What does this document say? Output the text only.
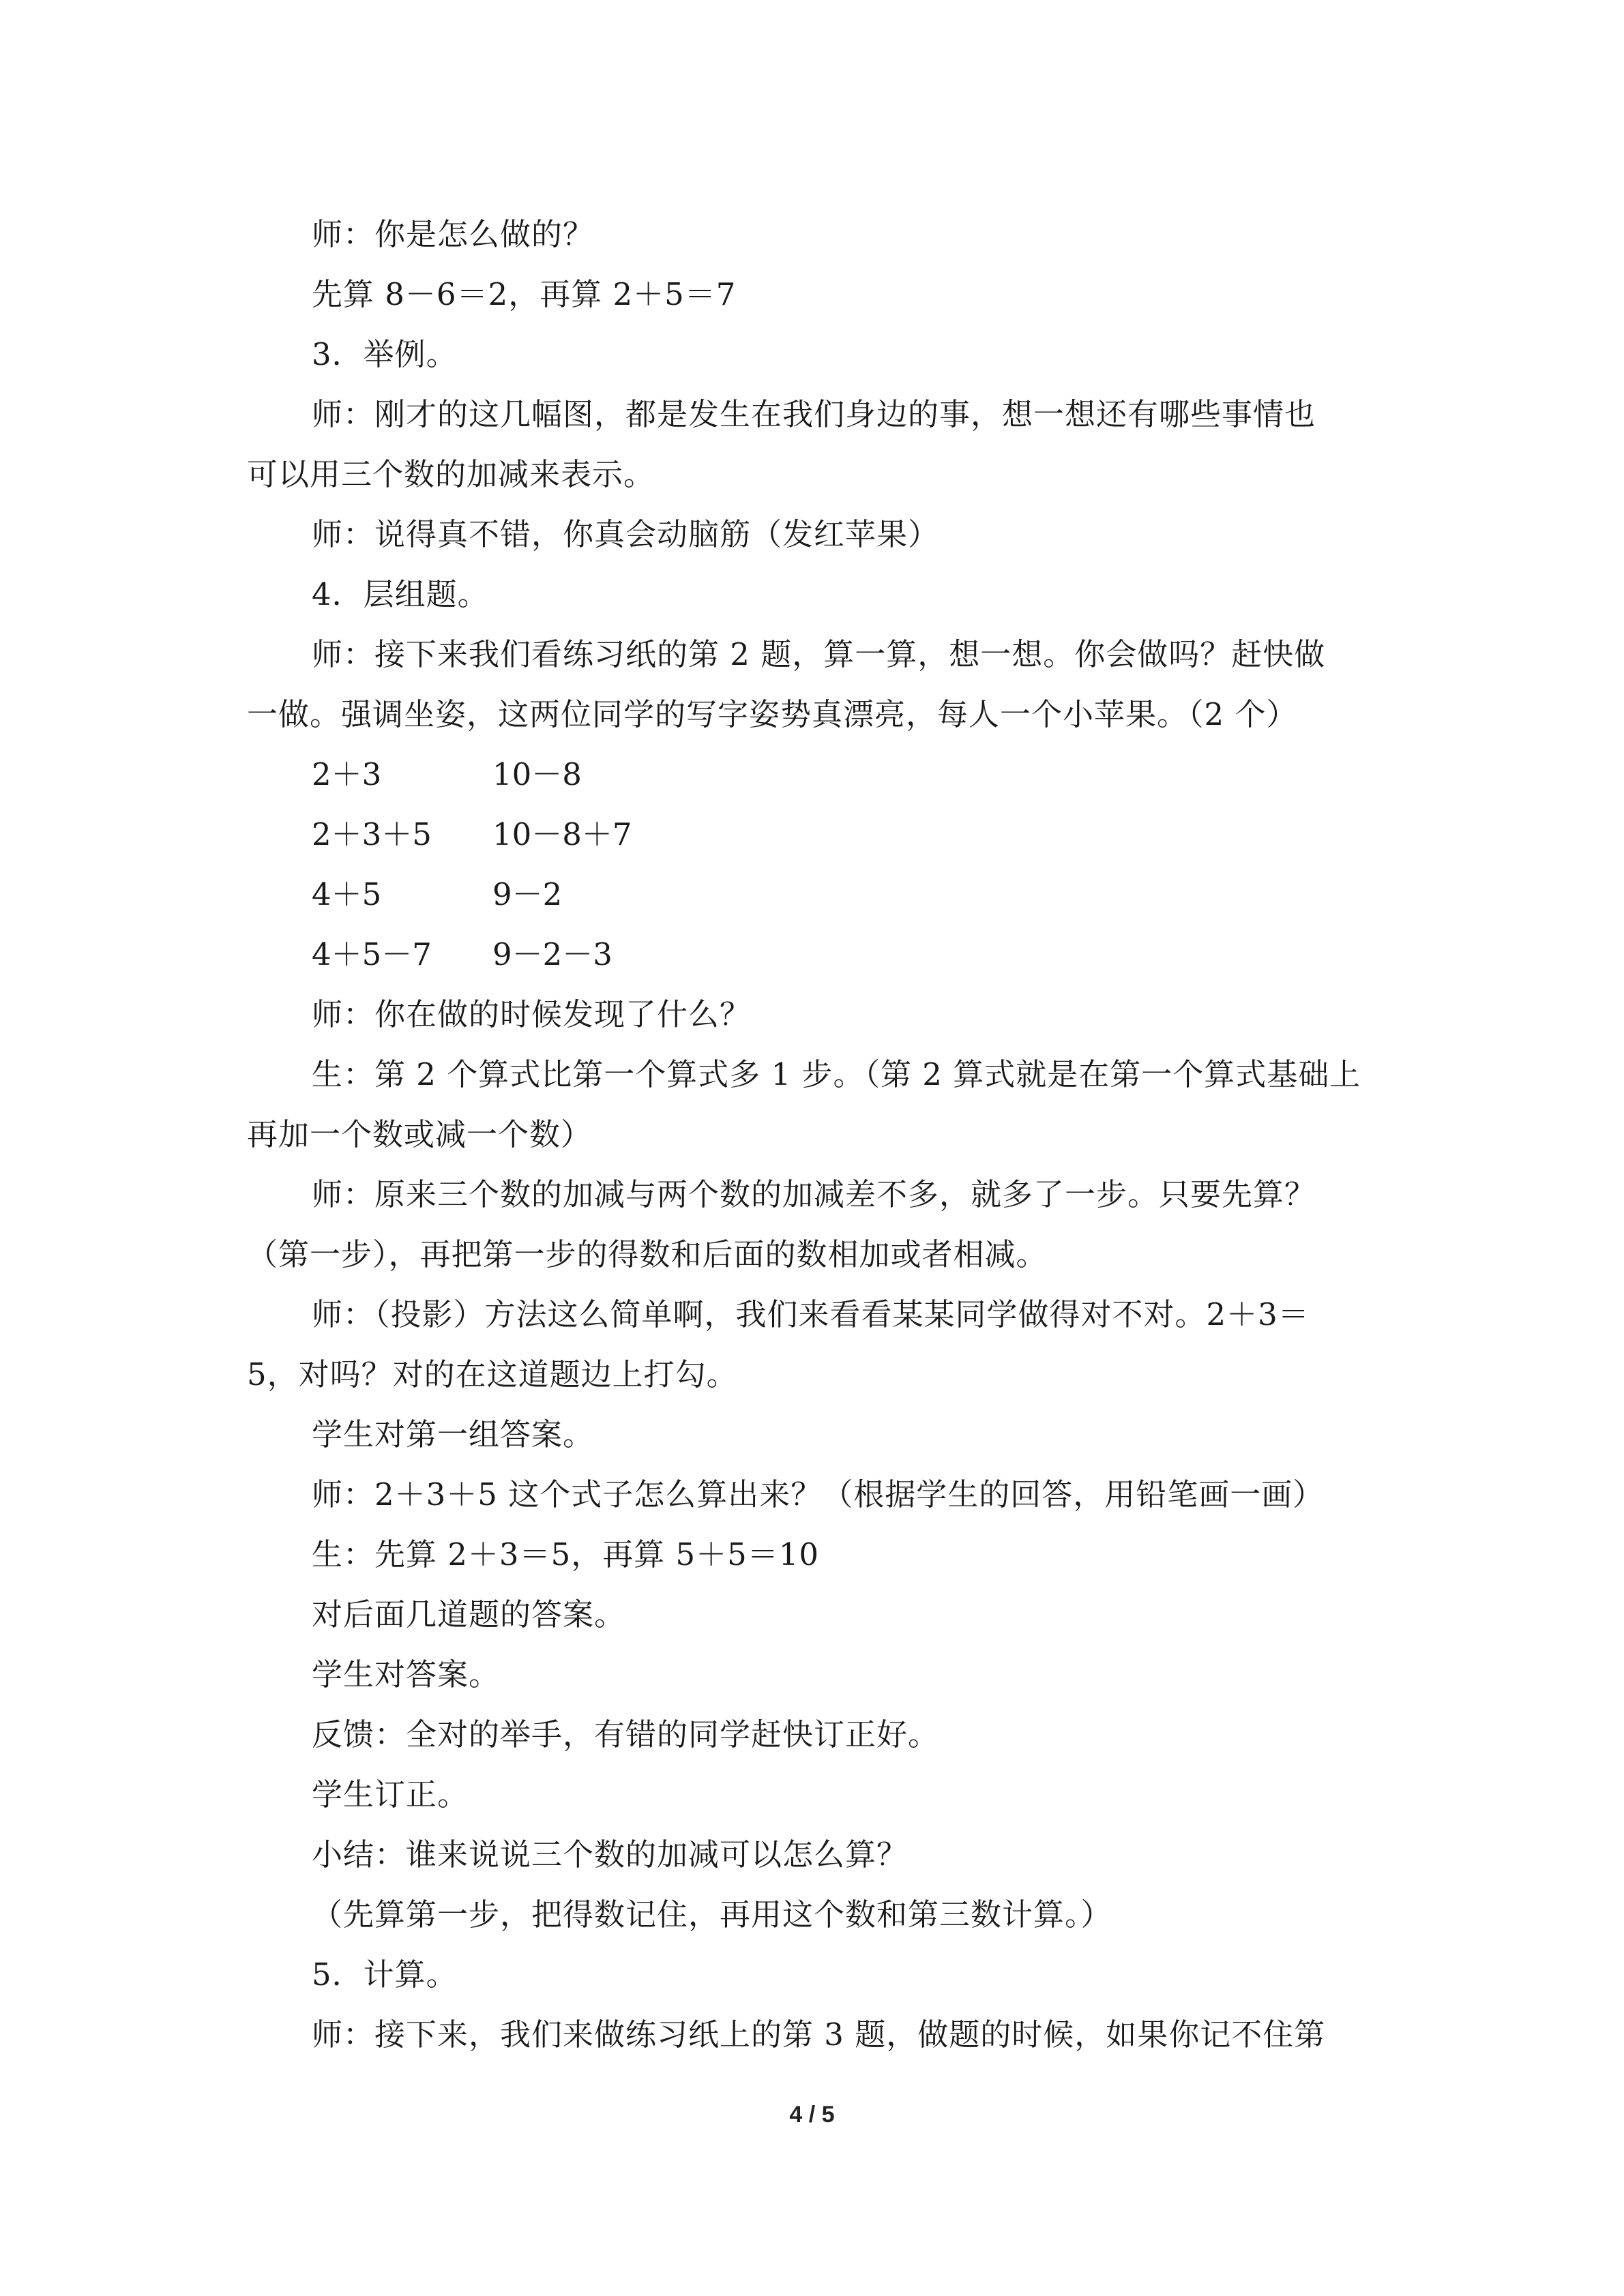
师：你是怎么做的？
先算 8－6＝2，再算 2＋5＝7
3．举例。
师：刚才的这几幅图，都是发生在我们身边的事，想一想还有哪些事情也
可以用三个数的加减来表示。
师：说得真不错，你真会动脑筋（发红苹果）
4．层组题。
师：接下来我们看练习纸的第 2 题，算一算，想一想。你会做吗？赶快做
一做。强调坐姿，这两位同学的写字姿势真漂亮，每人一个小苹果。（2 个）
2＋3	10－8
2＋3＋5	10－8＋7
4＋5	9－2
4＋5－7	9－2－3
师：你在做的时候发现了什么？
生：第 2 个算式比第一个算式多 1 步。（第 2 算式就是在第一个算式基础上
再加一个数或减一个数）
师：原来三个数的加减与两个数的加减差不多，就多了一步。只要先算？
（第一步），再把第一步的得数和后面的数相加或者相减。
师：（投影）方法这么简单啊，我们来看看某某同学做得对不对。2＋3＝
5，对吗？对的在这道题边上打勾。
学生对第一组答案。
师：2＋3＋5 这个式子怎么算出来？（根据学生的回答，用铅笔画一画）
生：先算 2＋3＝5，再算 5＋5＝10
对后面几道题的答案。
学生对答案。
反馈：全对的举手，有错的同学赶快订正好。
学生订正。
小结：谁来说说三个数的加减可以怎么算？
（先算第一步，把得数记住，再用这个数和第三数计算。）
5．计算。
师：接下来，我们来做练习纸上的第 3 题，做题的时候，如果你记不住第
4 / 5
